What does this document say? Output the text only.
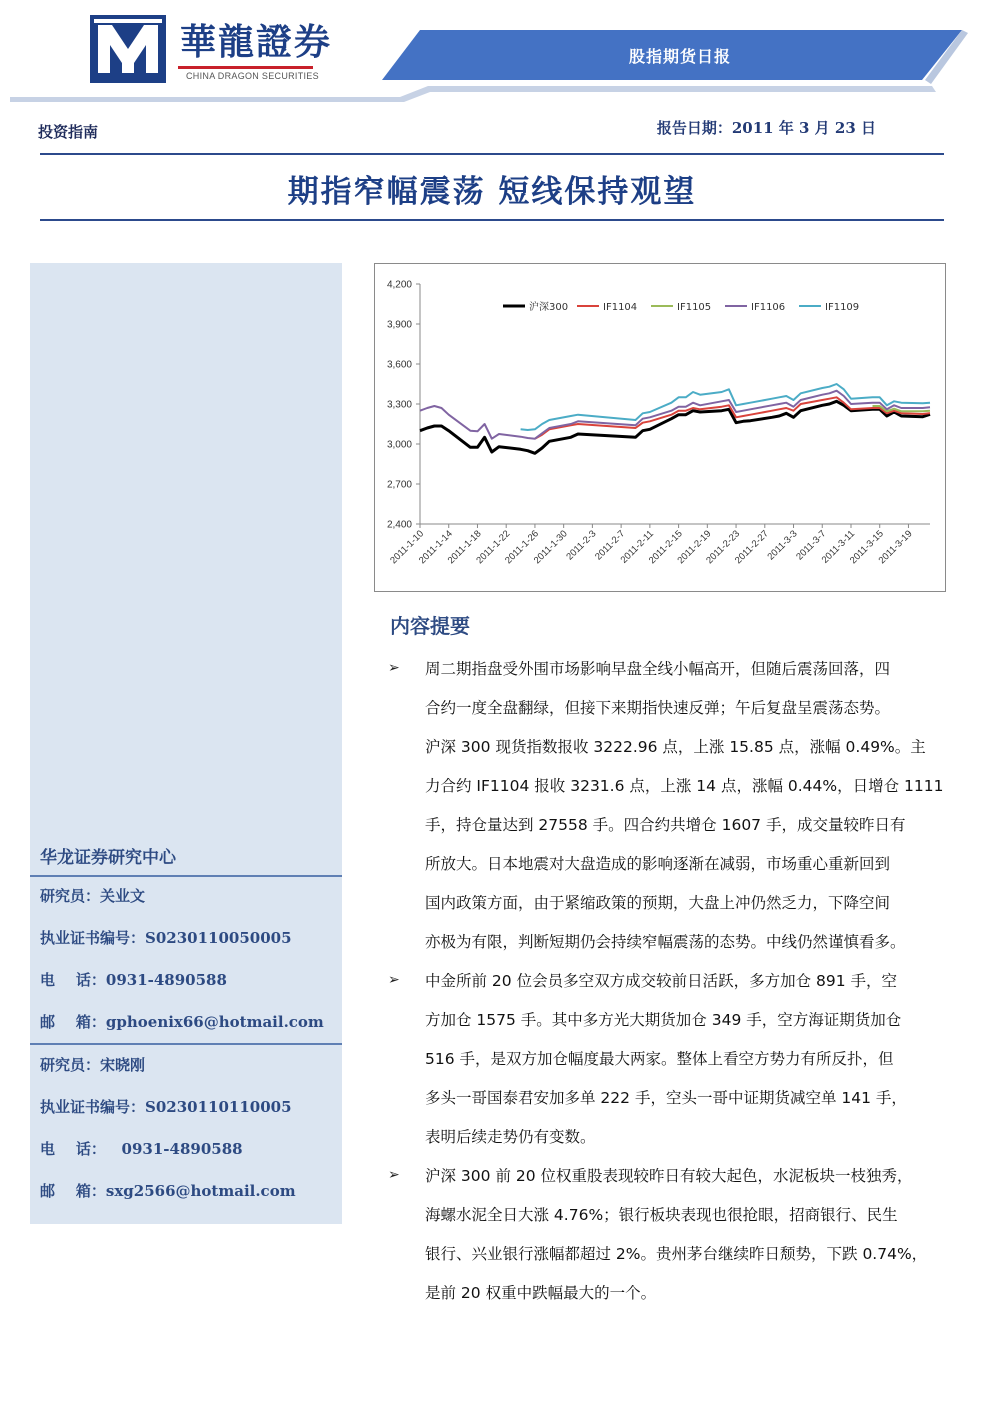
華龍證券
CHINA DRAGON SECURITIES
股指期货日报
投资指南	报告日期：2011 年 3 月 23 日
期指窄幅震荡 短线保持观望
华龙证券研究中心
研究员：关业文
执业证书编号：S0230110050005
电    话：0931-4890588
邮    箱：gphoenix66@hotmail.com
研究员：宋晓刚
执业证书编号：S0230110110005
电    话：   0931-4890588
邮    箱：sxg2566@hotmail.com
2,400
2,700
3,000
3,300
3,600
3,900
4,200
2011-1-10
2011-1-14
2011-1-18
2011-1-22
2011-1-26
2011-1-30
2011-2-3
2011-2-7
2011-2-11
2011-2-15
2011-2-19
2011-2-23
2011-2-27
2011-3-3
2011-3-7
2011-3-11
2011-3-15
2011-3-19
沪深300	IF1104	IF1105	IF1106	IF1109
内容提要
➢ 周二期指盘受外围市场影响早盘全线小幅高开，但随后震荡回落，四
合约一度全盘翻绿，但接下来期指快速反弹；午后复盘呈震荡态势。
沪深 300 现货指数报收 3222.96 点，上涨 15.85 点，涨幅 0.49%。主
力合约 IF1104 报收 3231.6 点，上涨 14 点，涨幅 0.44%，日增仓 1111
手，持仓量达到 27558 手。四合约共增仓 1607 手，成交量较昨日有
所放大。日本地震对大盘造成的影响逐渐在减弱，市场重心重新回到
国内政策方面，由于紧缩政策的预期，大盘上冲仍然乏力，下降空间
亦极为有限，判断短期仍会持续窄幅震荡的态势。中线仍然谨慎看多。
➢ 中金所前 20 位会员多空双方成交较前日活跃，多方加仓 891 手，空
方加仓 1575 手。其中多方光大期货加仓 349 手，空方海证期货加仓
516 手，是双方加仓幅度最大两家。整体上看空方势力有所反扑，但
多头一哥国泰君安加多单 222 手，空头一哥中证期货减空单 141 手，
表明后续走势仍有变数。
➢ 沪深 300 前 20 位权重股表现较昨日有较大起色，水泥板块一枝独秀，
海螺水泥全日大涨 4.76%；银行板块表现也很抢眼，招商银行、民生
银行、兴业银行涨幅都超过 2%。贵州茅台继续昨日颓势，下跌 0.74%，
是前 20 权重中跌幅最大的一个。
